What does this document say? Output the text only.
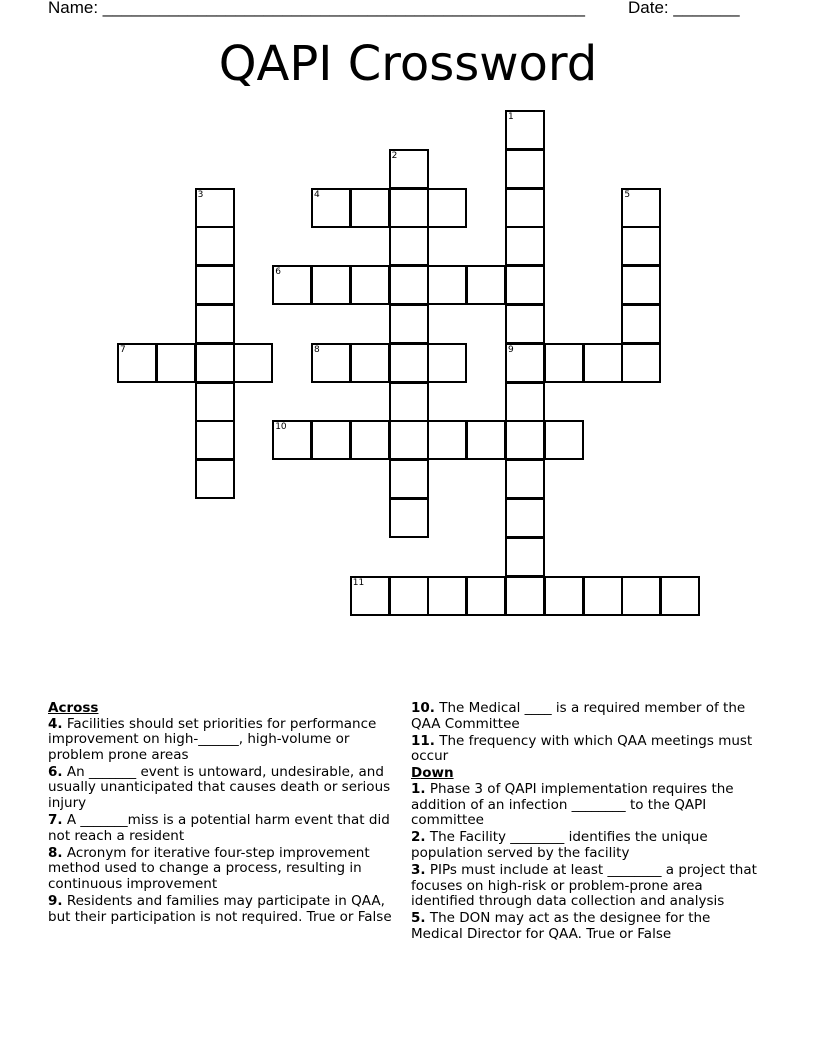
Name: ___________________________________________________	Date: _______
QAPI Crossword
1
2
3	4	5
6
7	8	9
10
11
Across
4. Facilities should set priorities for performance improvement on high-______, high-volume or problem prone areas
6. An _______ event is untoward, undesirable, and usually unanticipated that causes death or serious injury
7. A _______miss is a potential harm event that did not reach a resident
8. Acronym for iterative four-step improvement method used to change a process, resulting in continuous improvement
9. Residents and families may participate in QAA, but their participation is not required. True or False
10. The Medical ____ is a required member of the QAA Committee
11. The frequency with which QAA meetings must occur
Down
1. Phase 3 of QAPI implementation requires the addition of an infection ________ to the QAPI committee
2. The Facility ________ identifies the unique population served by the facility
3. PIPs must include at least ________ a project that focuses on high-risk or problem-prone area identified through data collection and analysis
5. The DON may act as the designee for the Medical Director for QAA. True or False
